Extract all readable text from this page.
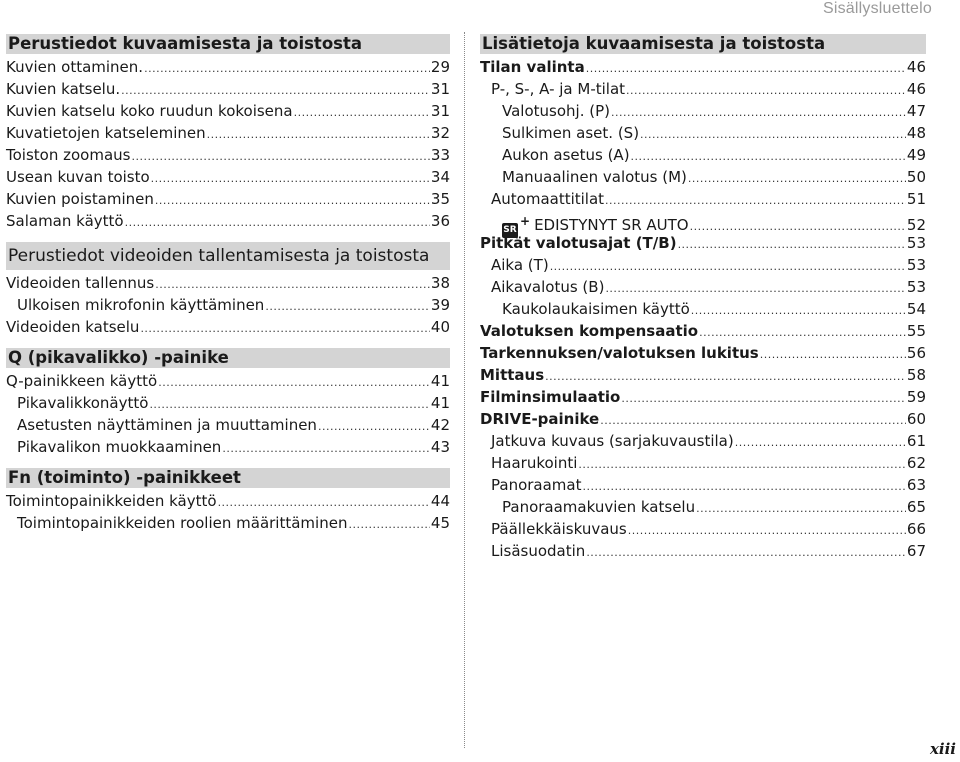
Sisällysluettelo
Perustiedot kuvaamisesta ja toistosta
Kuvien ottaminen. .....	29
Kuvien katselu. .....	31
Kuvien katselu koko ruudun kokoisena .....	31
Kuvatietojen katseleminen .....	32
Toiston zoomaus .....	33
Usean kuvan toisto .....	34
Kuvien poistaminen .....	35
Salaman käyttö .....	36
Perustiedot videoiden tallentamisesta ja toistosta
Videoiden tallennus .....	38
Ulkoisen mikrofonin käyttäminen .....	39
Videoiden katselu .....	40
Q (pikavalikko) -painike
Q-painikkeen käyttö .....	41
Pikavalikkonäyttö .....	41
Asetusten näyttäminen ja muuttaminen .....	42
Pikavalikon muokkaaminen .....	43
Fn (toiminto) -painikkeet
Toimintopainikkeiden käyttö .....	44
Toimintopainikkeiden roolien määrittäminen .....	45
Lisätietoja kuvaamisesta ja toistosta
Tilan valinta .....	46
P-, S-, A- ja M-tilat .....	46
Valotusohj. (P) .....	47
Sulkimen aset. (S) .....	48
Aukon asetus (A) .....	49
Manuaalinen valotus (M) .....	50
Automaattitilat .....	51
SR+ EDISTYNYT SR AUTO .....	52
Pitkät valotusajat (T/B) .....	53
Aika (T) .....	53
Aikavalotus (B) .....	53
Kaukolaukaisimen käyttö .....	54
Valotuksen kompensaatio .....	55
Tarkennuksen/valotuksen lukitus .....	56
Mittaus .....	58
Filminsimulaatio .....	59
DRIVE-painike .....	60
Jatkuva kuvaus (sarjakuvaustila) .....	61
Haarukointi .....	62
Panoraamat .....	63
Panoraamakuvien katselu .....	65
Päällekkäiskuvaus .....	66
Lisäsuodatin .....	67
xiii
